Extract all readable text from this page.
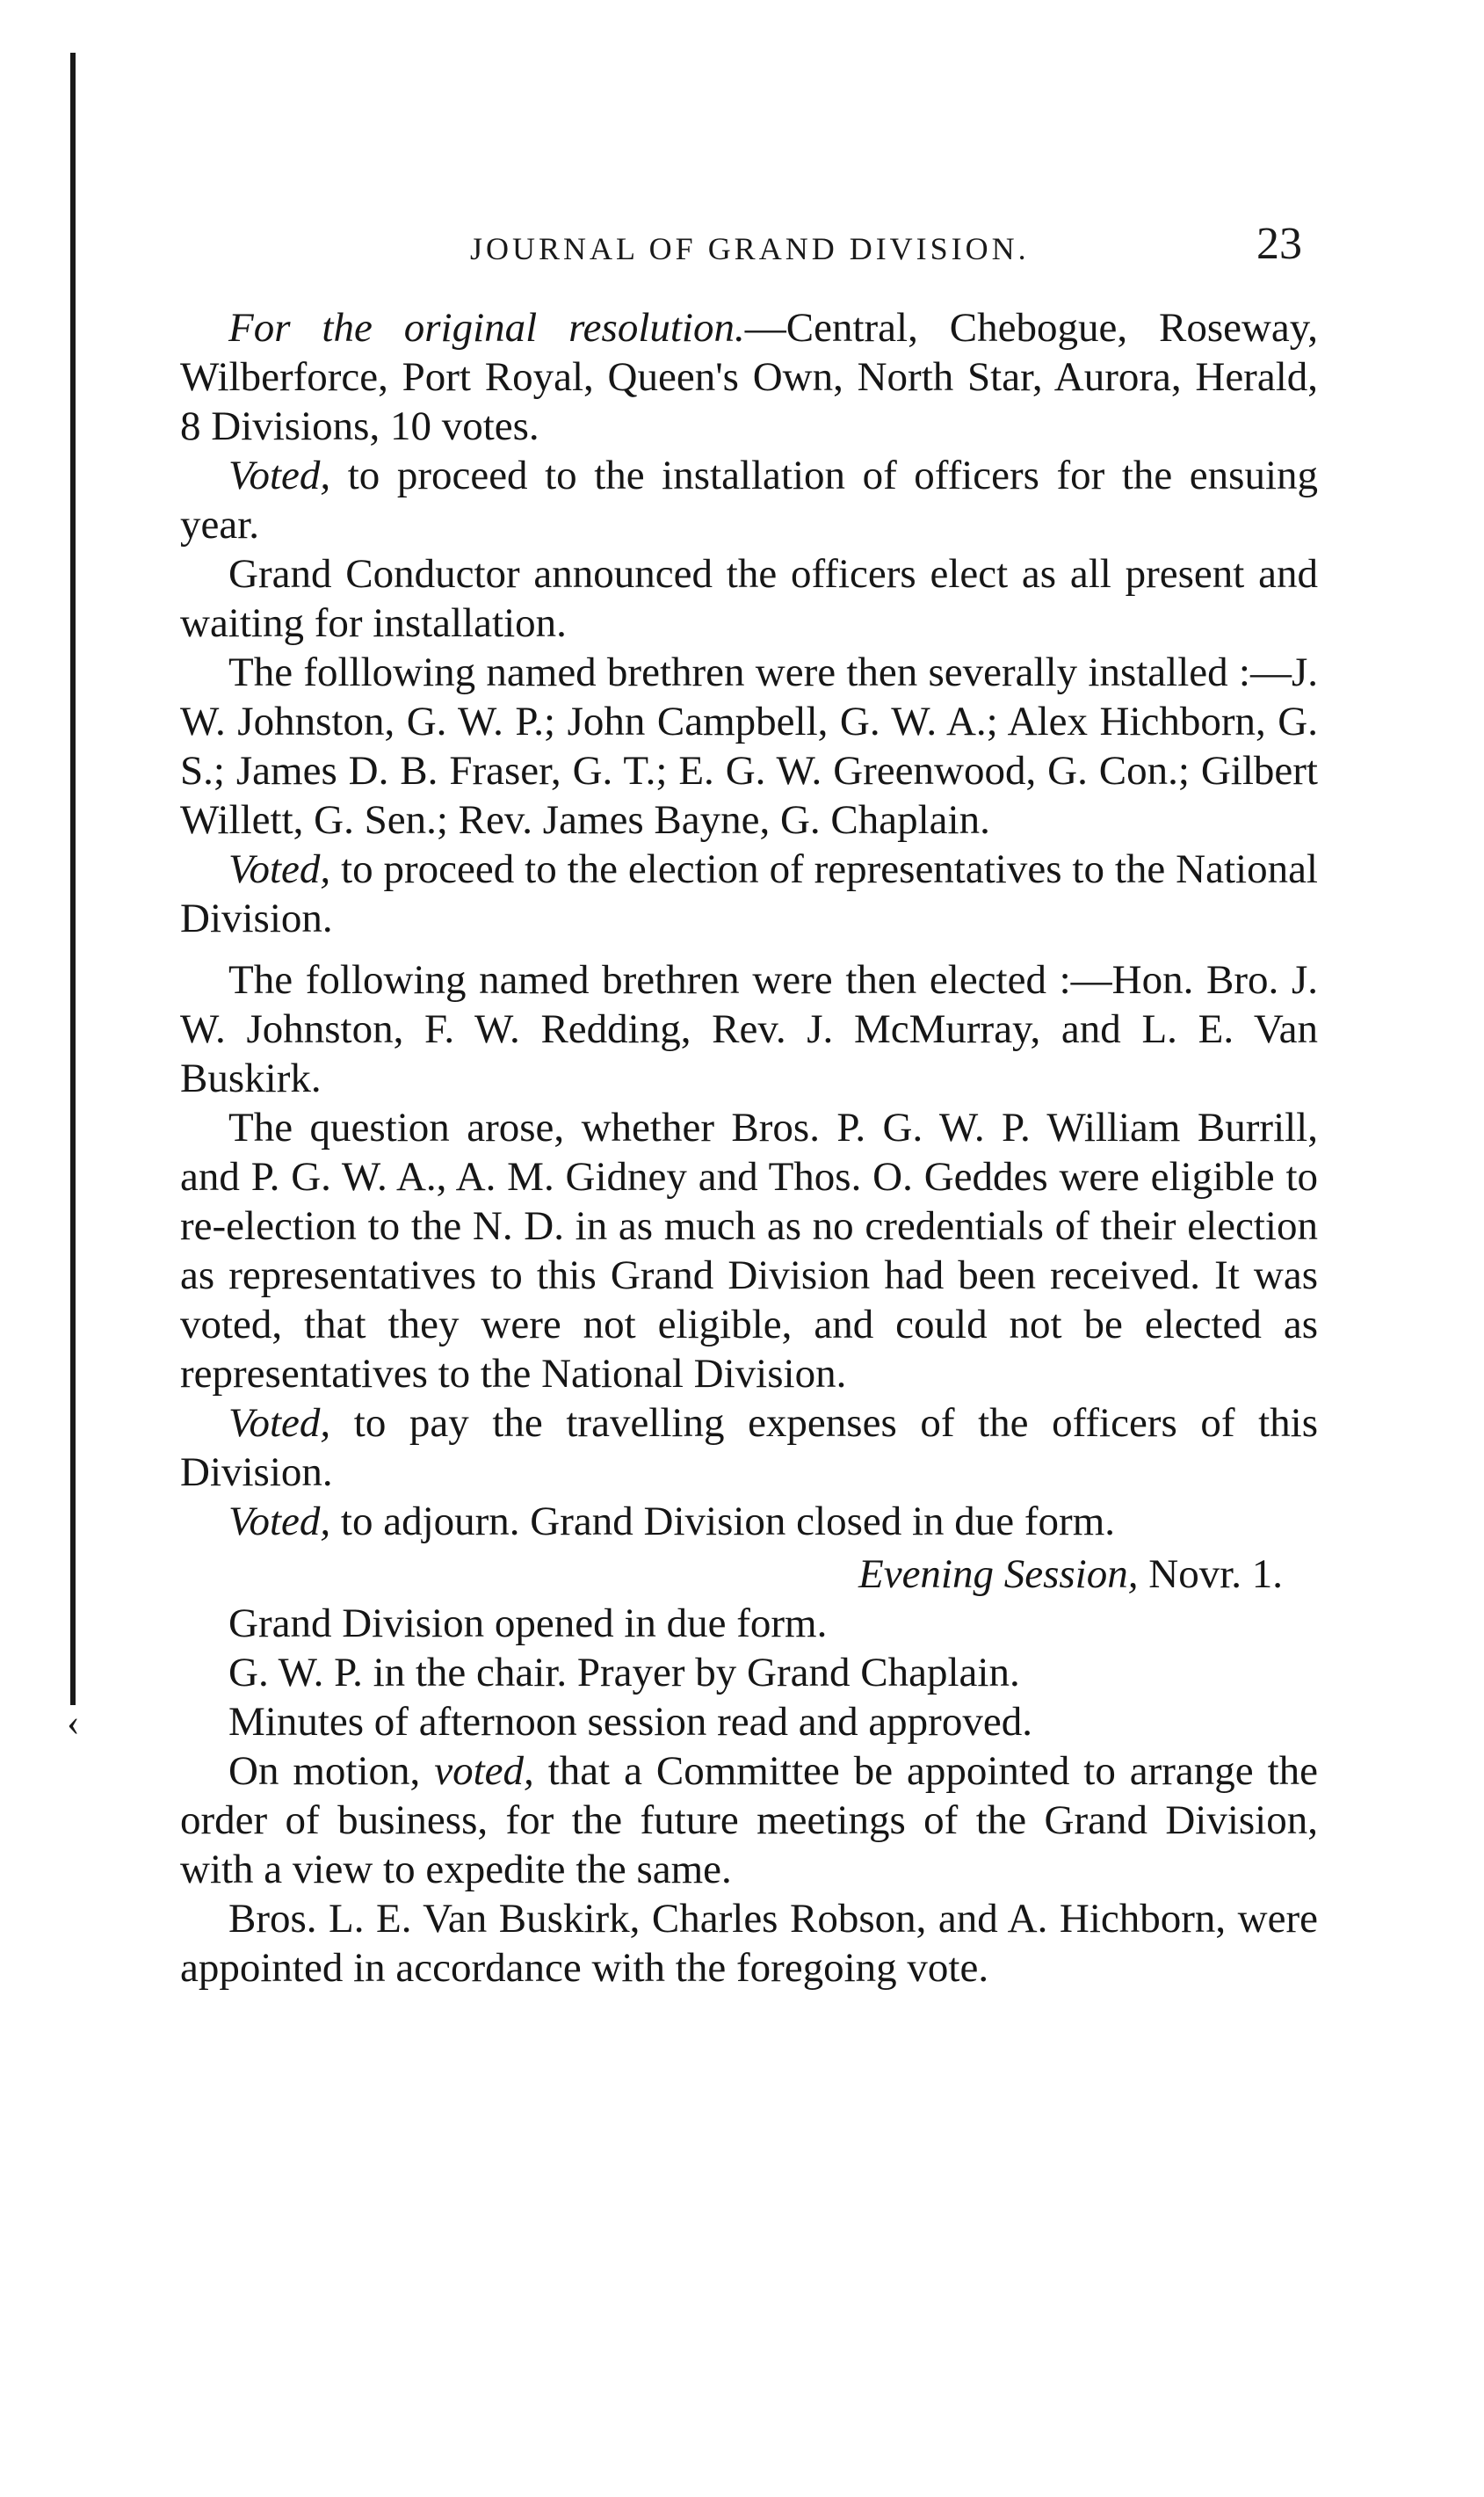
‹
JOURNAL OF GRAND DIVISION.	23

For the original resolution.—Central, Chebogue, Roseway, Wilberforce, Port Royal, Queen's Own, North Star, Aurora, Herald, 8 Divisions, 10 votes.

Voted, to proceed to the installation of officers for the ensuing year.

Grand Conductor announced the officers elect as all present and waiting for installation.

The folllowing named brethren were then severally installed :—J. W. Johnston, G. W. P.; John Campbell, G. W. A.; Alex Hichborn, G. S.; James D. B. Fraser, G. T.; E. G. W. Greenwood, G. Con.; Gilbert Willett, G. Sen.; Rev. James Bayne, G. Chaplain.

Voted, to proceed to the election of representatives to the National Division.

The following named brethren were then elected :—Hon. Bro. J. W. Johnston, F. W. Redding, Rev. J. McMurray, and L. E. Van Buskirk.

The question arose, whether Bros. P. G. W. P. William Burrill, and P. G. W. A., A. M. Gidney and Thos. O. Geddes were eligible to re-election to the N. D. in as much as no credentials of their election as representatives to this Grand Division had been received. It was voted, that they were not eligible, and could not be elected as representatives to the National Division.

Voted, to pay the travelling expenses of the officers of this Division.

Voted, to adjourn. Grand Division closed in due form.

Evening Session, Novr. 1.

Grand Division opened in due form.

G. W. P. in the chair. Prayer by Grand Chaplain.

Minutes of afternoon session read and approved.

On motion, voted, that a Committee be appointed to arrange the order of business, for the future meetings of the Grand Division, with a view to expedite the same.

Bros. L. E. Van Buskirk, Charles Robson, and A. Hichborn, were appointed in accordance with the foregoing vote.
